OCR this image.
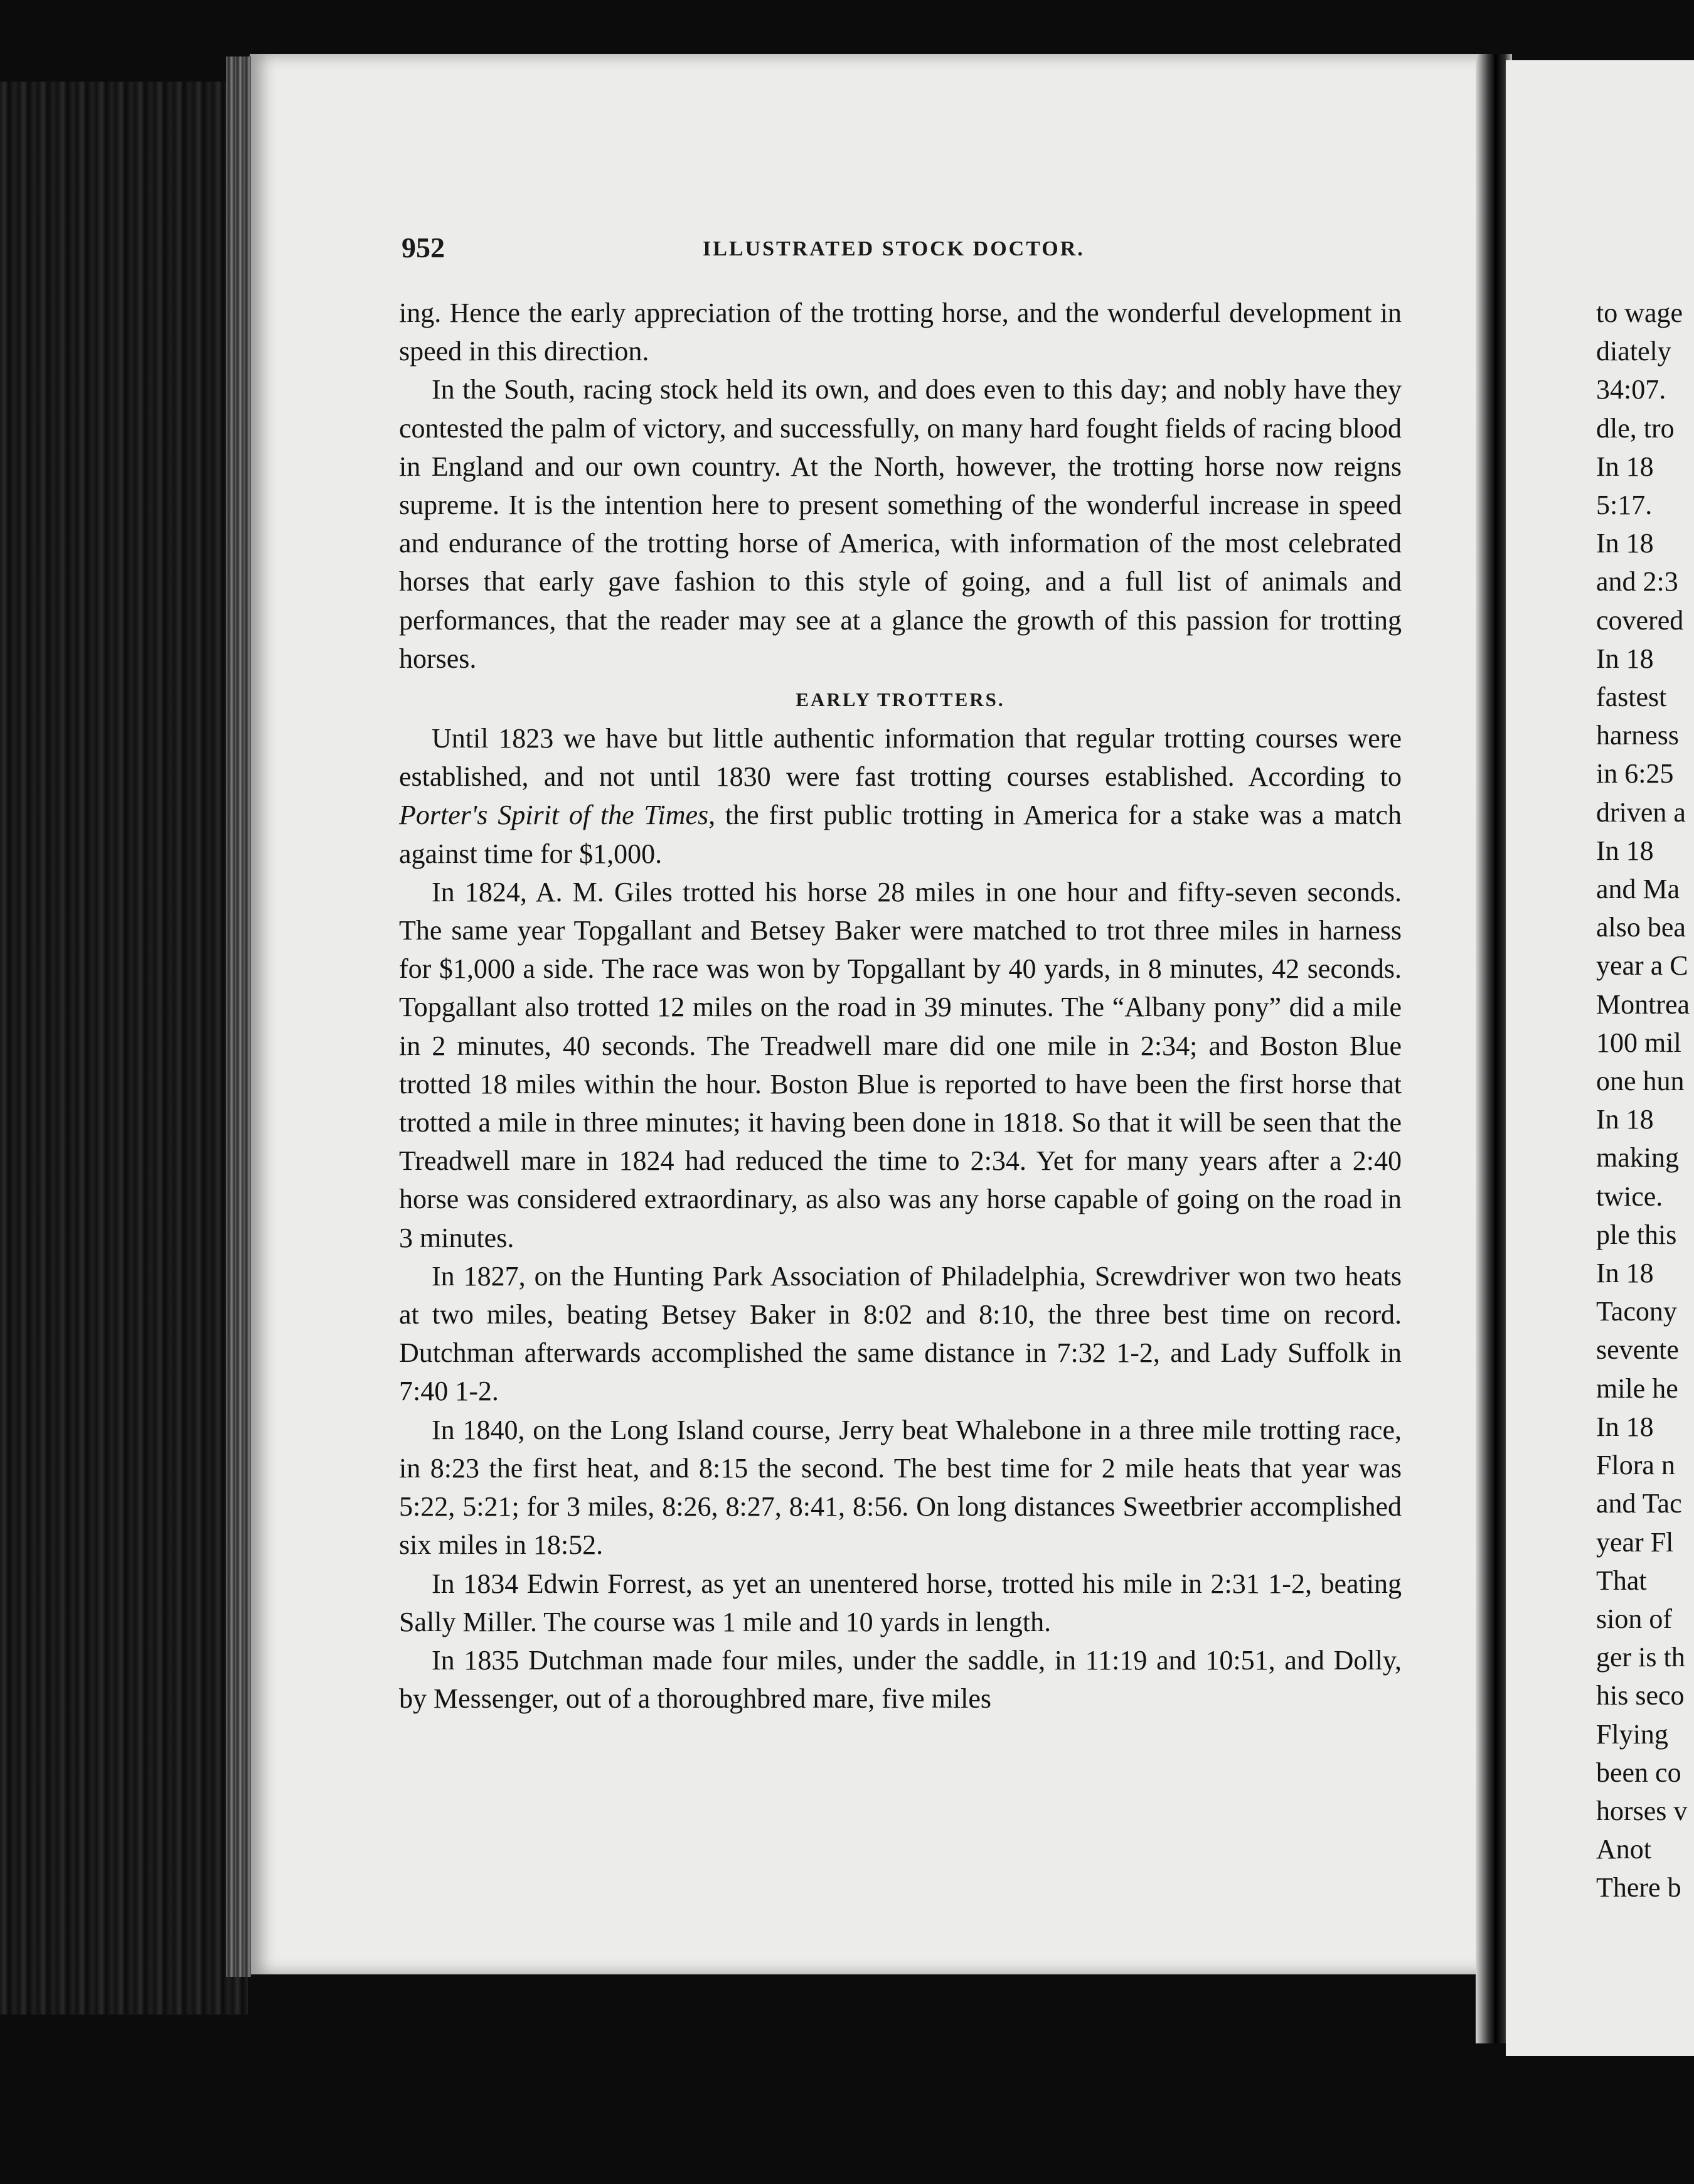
952	ILLUSTRATED STOCK DOCTOR.

ing. Hence the early appreciation of the trotting horse, and the wonderful development in speed in this direction.

In the South, racing stock held its own, and does even to this day; and nobly have they contested the palm of victory, and successfully, on many hard fought fields of racing blood in England and our own country. At the North, however, the trotting horse now reigns supreme. It is the intention here to present something of the wonderful increase in speed and endurance of the trotting horse of America, with information of the most celebrated horses that early gave fashion to this style of going, and a full list of animals and performances, that the reader may see at a glance the growth of this passion for trotting horses.

EARLY TROTTERS.

Until 1823 we have but little authentic information that regular trotting courses were established, and not until 1830 were fast trotting courses established. According to Porter's Spirit of the Times, the first public trotting in America for a stake was a match against time for $1,000.

In 1824, A. M. Giles trotted his horse 28 miles in one hour and fifty-seven seconds. The same year Topgallant and Betsey Baker were matched to trot three miles in harness for $1,000 a side. The race was won by Topgallant by 40 yards, in 8 minutes, 42 seconds. Topgallant also trotted 12 miles on the road in 39 minutes. The “Albany pony” did a mile in 2 minutes, 40 seconds. The Treadwell mare did one mile in 2:34; and Boston Blue trotted 18 miles within the hour. Boston Blue is reported to have been the first horse that trotted a mile in three minutes; it having been done in 1818. So that it will be seen that the Treadwell mare in 1824 had reduced the time to 2:34. Yet for many years after a 2:40 horse was considered extraordinary, as also was any horse capable of going on the road in 3 minutes.

In 1827, on the Hunting Park Association of Philadelphia, Screwdriver won two heats at two miles, beating Betsey Baker in 8:02 and 8:10, the three best time on record. Dutchman afterwards accomplished the same distance in 7:32 1-2, and Lady Suffolk in 7:40 1-2.

In 1840, on the Long Island course, Jerry beat Whalebone in a three mile trotting race, in 8:23 the first heat, and 8:15 the second. The best time for 2 mile heats that year was 5:22, 5:21; for 3 miles, 8:26, 8:27, 8:41, 8:56. On long distances Sweetbrier accomplished six miles in 18:52.

In 1834 Edwin Forrest, as yet an unentered horse, trotted his mile in 2:31 1-2, beating Sally Miller. The course was 1 mile and 10 yards in length.

In 1835 Dutchman made four miles, under the saddle, in 11:19 and 10:51, and Dolly, by Messenger, out of a thoroughbred mare, five miles

to wage
diately
34:07.
dle, tro
In 18
5:17.
In 18
and 2:3
covered
In 18
fastest
harness
in 6:25
driven a
In 18
and Ma
also bea
year a C
Montrea
100 mil
one hun
In 18
making
twice.
ple this
In 18
Tacony
sevente
mile he
In 18
Flora n
and Tac
year Fl
That
sion of
ger is th
his seco
Flying
been co
horses v
Anot
There b
